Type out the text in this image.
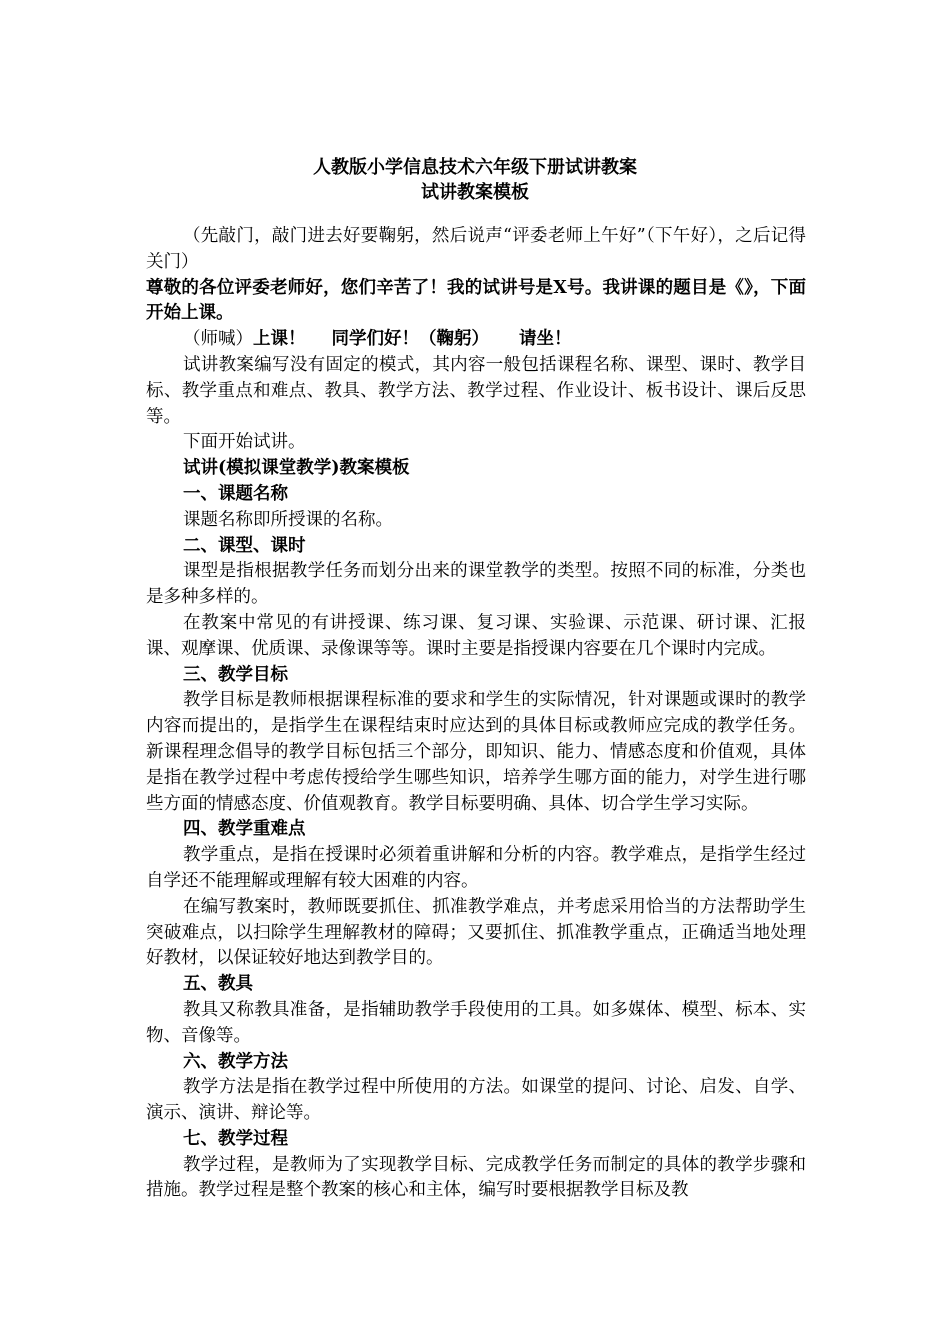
人教版小学信息技术六年级下册试讲教案
试讲教案模板

（先敲门，敲门进去好要鞠躬，然后说声“评委老师上午好”（下午好），之后记得关门）

尊敬的各位评委老师好，您们辛苦了！我的试讲号是X号。我讲课的题目是《》，下面开始上课。

（师喊）上课！ 同学们好！（鞠躬） 请坐！

试讲教案编写没有固定的模式，其内容一般包括课程名称、课型、课时、教学目标、教学重点和难点、教具、教学方法、教学过程、作业设计、板书设计、课后反思等。

下面开始试讲。

试讲(模拟课堂教学)教案模板

一、课题名称

课题名称即所授课的名称。

二、课型、课时

课型是指根据教学任务而划分出来的课堂教学的类型。按照不同的标准，分类也是多种多样的。

在教案中常见的有讲授课、练习课、复习课、实验课、示范课、研讨课、汇报课、观摩课、优质课、录像课等等。课时主要是指授课内容要在几个课时内完成。

三、教学目标

教学目标是教师根据课程标准的要求和学生的实际情况，针对课题或课时的教学内容而提出的，是指学生在课程结束时应达到的具体目标或教师应完成的教学任务。新课程理念倡导的教学目标包括三个部分，即知识、能力、情感态度和价值观，具体是指在教学过程中考虑传授给学生哪些知识，培养学生哪方面的能力，对学生进行哪些方面的情感态度、价值观教育。教学目标要明确、具体、切合学生学习实际。

四、教学重难点

教学重点，是指在授课时必须着重讲解和分析的内容。教学难点，是指学生经过自学还不能理解或理解有较大困难的内容。

在编写教案时，教师既要抓住、抓准教学难点，并考虑采用恰当的方法帮助学生突破难点，以扫除学生理解教材的障碍；又要抓住、抓准教学重点，正确适当地处理好教材，以保证较好地达到教学目的。

五、教具

教具又称教具准备，是指辅助教学手段使用的工具。如多媒体、模型、标本、实物、音像等。

六、教学方法

教学方法是指在教学过程中所使用的方法。如课堂的提问、讨论、启发、自学、演示、演讲、辩论等。

七、教学过程

教学过程，是教师为了实现教学目标、完成教学任务而制定的具体的教学步骤和措施。教学过程是整个教案的核心和主体，编写时要根据教学目标及教
